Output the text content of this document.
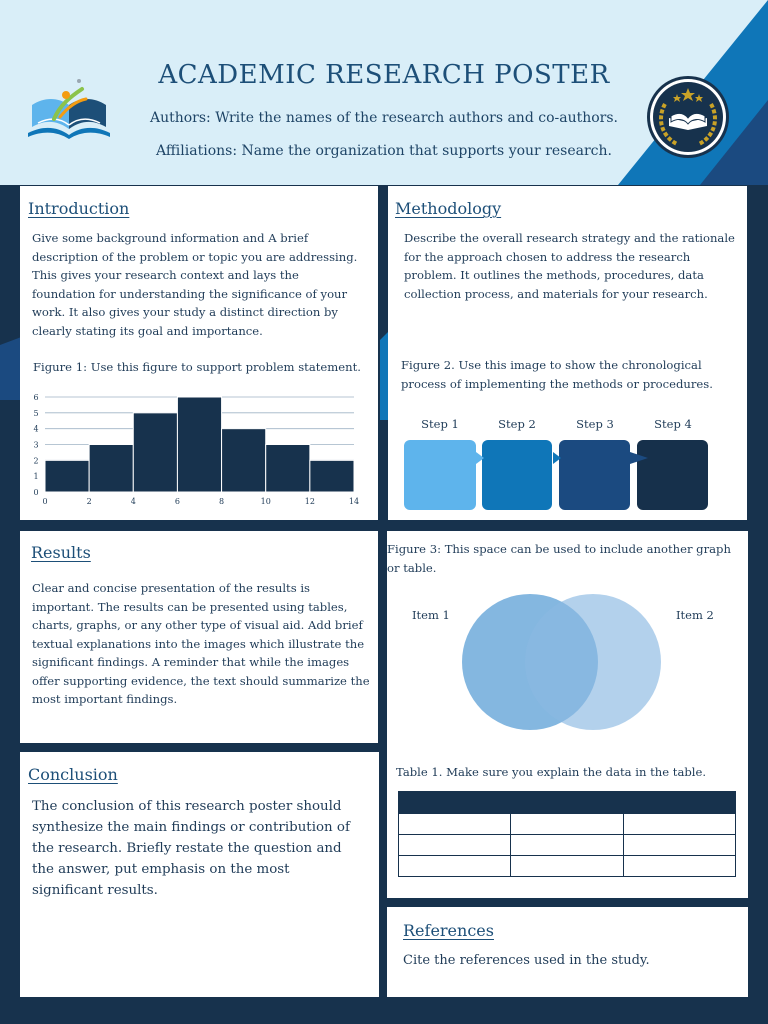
ACADEMIC RESEARCH POSTER
Authors: Write the names of the research authors and co-authors.
Affiliations: Name the organization that supports your research.
Introduction
Give some background information and A brief description of the problem or topic you are addressing. This gives your research context and lays the foundation for understanding the significance of your work. It also gives your study a distinct direction by clearly stating its goal and importance.
Figure 1: Use this figure to support problem statement.
0
1
2
3
4
5
6
0	2	4	6	8	10	12	14
Methodology
Describe the overall research strategy and the rationale for the approach chosen to address the research problem. It outlines the methods, procedures, data collection process, and materials for your research.
Figure 2. Use this image to show the chronological process of implementing the methods or procedures.
Step 1	Step 2	Step 3	Step 4
Results
Clear and concise presentation of the results is important. The results can be presented using tables, charts, graphs, or any other type of visual aid. Add brief textual explanations into the images which illustrate the significant findings. A reminder that while the images offer supporting evidence, the text should summarize the most important findings.
Figure 3: This space can be used to include another graph or table.
Item 1	Item 2
Conclusion
The conclusion of this research poster should synthesize the main findings or contribution of the research. Briefly restate the question and the answer, put emphasis on the most significant results.
Table 1. Make sure you explain the data in the table.

References
Cite the references used in the study.
